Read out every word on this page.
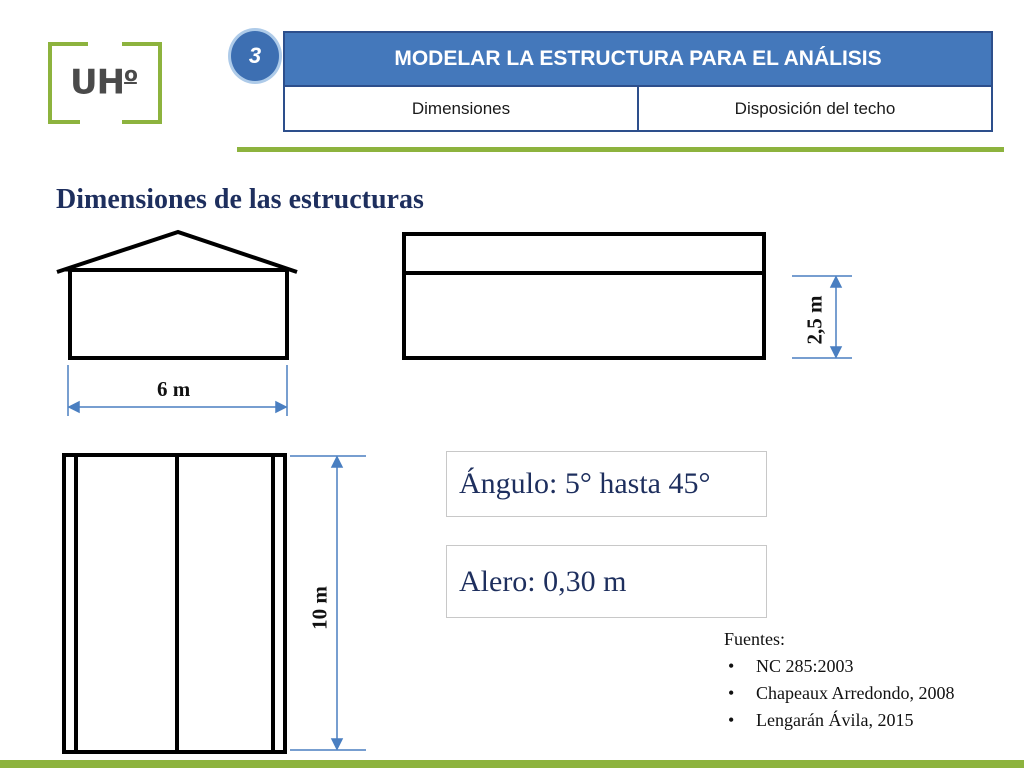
$UH^o$
3	MODELAR LA ESTRUCTURA PARA EL ANÁLISIS
Dimensiones	Disposición del techo
Dimensiones de las estructuras
6 m
2,5 m
10 m
Ángulo: 5° hasta 45°
Alero: 0,30 m
Fuentes:
• NC 285:2003
• Chapeaux Arredondo, 2008
• Lengarán Ávila, 2015
